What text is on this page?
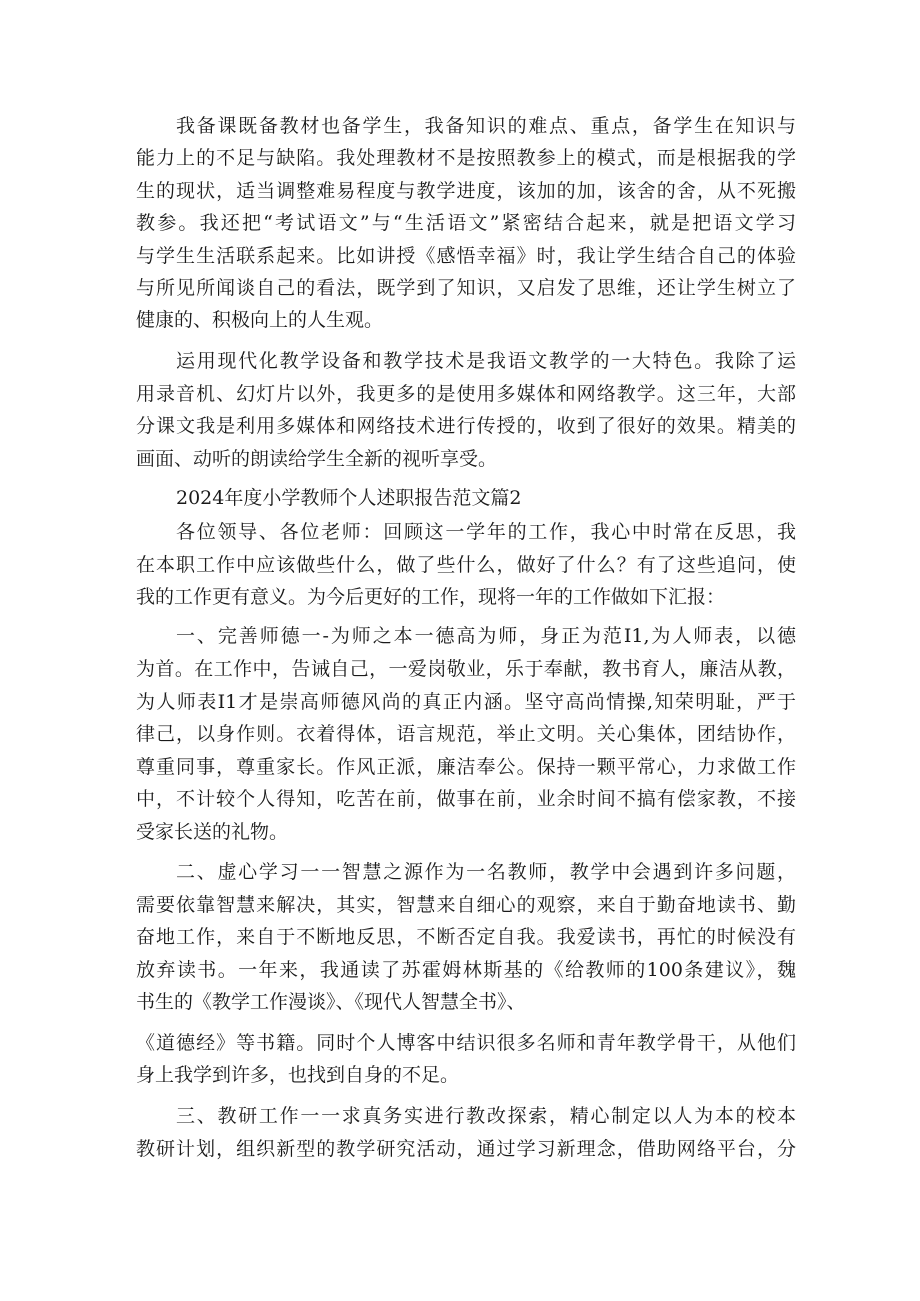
我备课既备教材也备学生，我备知识的难点、重点，备学生在知识与
能力上的不足与缺陷。我处理教材不是按照教参上的模式，而是根据我的学
生的现状，适当调整难易程度与教学进度，该加的加，该舍的舍，从不死搬
教参。我还把“考试语文”与“生活语文”紧密结合起来，就是把语文学习
与学生生活联系起来。比如讲授《感悟幸福》时，我让学生结合自己的体验
与所见所闻谈自己的看法，既学到了知识，又启发了思维，还让学生树立了
健康的、积极向上的人生观。
运用现代化教学设备和教学技术是我语文教学的一大特色。我除了运
用录音机、幻灯片以外，我更多的是使用多媒体和网络教学。这三年，大部
分课文我是利用多媒体和网络技术进行传授的，收到了很好的效果。精美的
画面、动听的朗读给学生全新的视听享受。
2024年度小学教师个人述职报告范文篇2
各位领导、各位老师：回顾这一学年的工作，我心中时常在反思，我
在本职工作中应该做些什么，做了些什么，做好了什么？有了这些追问，使
我的工作更有意义。为今后更好的工作，现将一年的工作做如下汇报：
一、完善师德一-为师之本一德高为师，身正为范I1,为人师表，以德
为首。在工作中，告诫自己，一爱岗敬业，乐于奉献，教书育人，廉洁从教，
为人师表I1才是崇高师德风尚的真正内涵。坚守高尚情操,知荣明耻，严于
律己，以身作则。衣着得体，语言规范，举止文明。关心集体，团结协作，
尊重同事，尊重家长。作风正派，廉洁奉公。保持一颗平常心，力求做工作
中，不计较个人得知，吃苦在前，做事在前，业余时间不搞有偿家教，不接
受家长送的礼物。
二、虚心学习一一智慧之源作为一名教师，教学中会遇到许多问题，
需要依靠智慧来解决，其实，智慧来自细心的观察，来自于勤奋地读书、勤
奋地工作，来自于不断地反思，不断否定自我。我爱读书，再忙的时候没有
放弃读书。一年来，我通读了苏霍姆林斯基的《给教师的100条建议》，魏
书生的《教学工作漫谈》、《现代人智慧全书》、
《道德经》等书籍。同时个人博客中结识很多名师和青年教学骨干，从他们
身上我学到许多，也找到自身的不足。
三、教研工作一一求真务实进行教改探索，精心制定以人为本的校本
教研计划，组织新型的教学研究活动，通过学习新理念，借助网络平台，分
